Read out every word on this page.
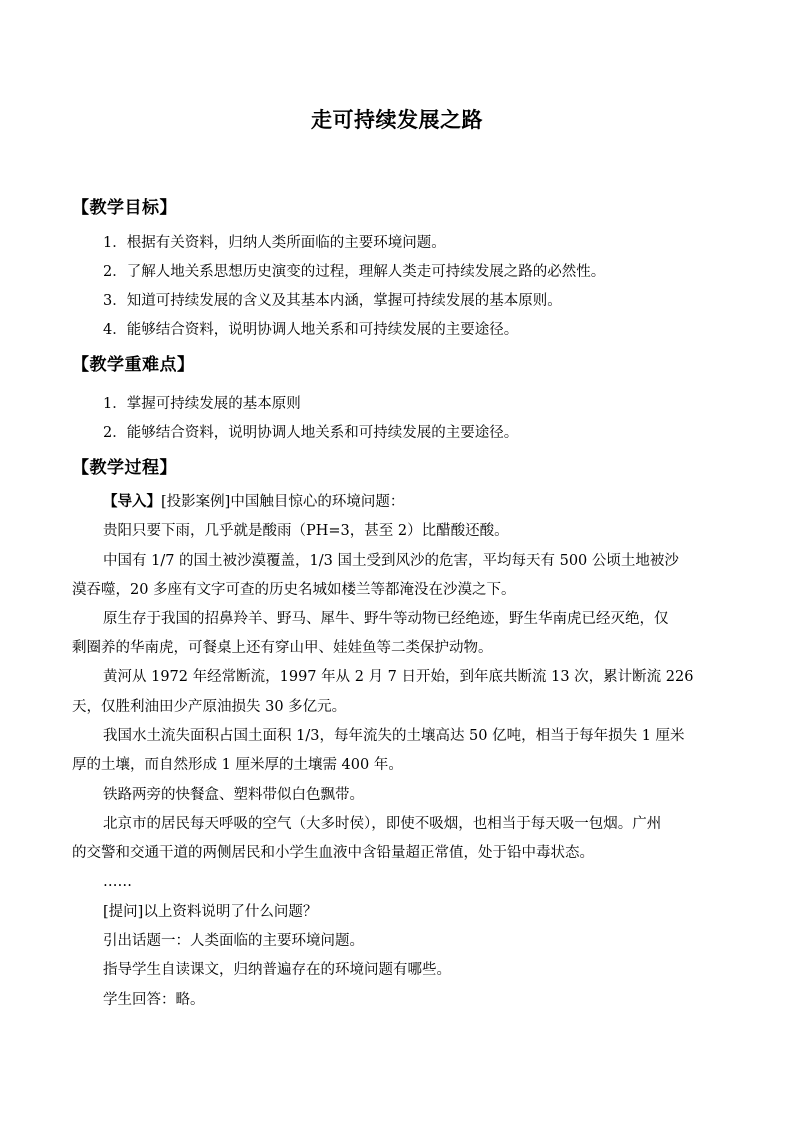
走可持续发展之路
【教学目标】
1．根据有关资料，归纳人类所面临的主要环境问题。
2．了解人地关系思想历史演变的过程，理解人类走可持续发展之路的必然性。
3．知道可持续发展的含义及其基本内涵，掌握可持续发展的基本原则。
4．能够结合资料，说明协调人地关系和可持续发展的主要途径。
【教学重难点】
1．掌握可持续发展的基本原则
2．能够结合资料，说明协调人地关系和可持续发展的主要途径。
【教学过程】
【导入】[投影案例]中国触目惊心的环境问题：
贵阳只要下雨，几乎就是酸雨（PH=3，甚至 2）比醋酸还酸。
中国有 1/7 的国土被沙漠覆盖，1/3 国土受到风沙的危害，平均每天有 500 公顷土地被沙
漠吞噬，20 多座有文字可查的历史名城如楼兰等都淹没在沙漠之下。
原生存于我国的招鼻羚羊、野马、犀牛、野牛等动物已经绝迹，野生华南虎已经灭绝，仅
剩圈养的华南虎，可餐桌上还有穿山甲、娃娃鱼等二类保护动物。
黄河从 1972 年经常断流，1997 年从 2 月 7 日开始，到年底共断流 13 次，累计断流 226
天，仅胜利油田少产原油损失 30 多亿元。
我国水土流失面积占国土面积 1/3，每年流失的土壤高达 50 亿吨，相当于每年损失 1 厘米
厚的土壤，而自然形成 1 厘米厚的土壤需 400 年。
铁路两旁的快餐盒、塑料带似白色飘带。
北京市的居民每天呼吸的空气（大多时侯），即使不吸烟，也相当于每天吸一包烟。广州
的交警和交通干道的两侧居民和小学生血液中含铅量超正常值，处于铅中毒状态。
……
[提问]以上资料说明了什么问题？
引出话题一：人类面临的主要环境问题。
指导学生自读课文，归纳普遍存在的环境问题有哪些。
学生回答：略。
